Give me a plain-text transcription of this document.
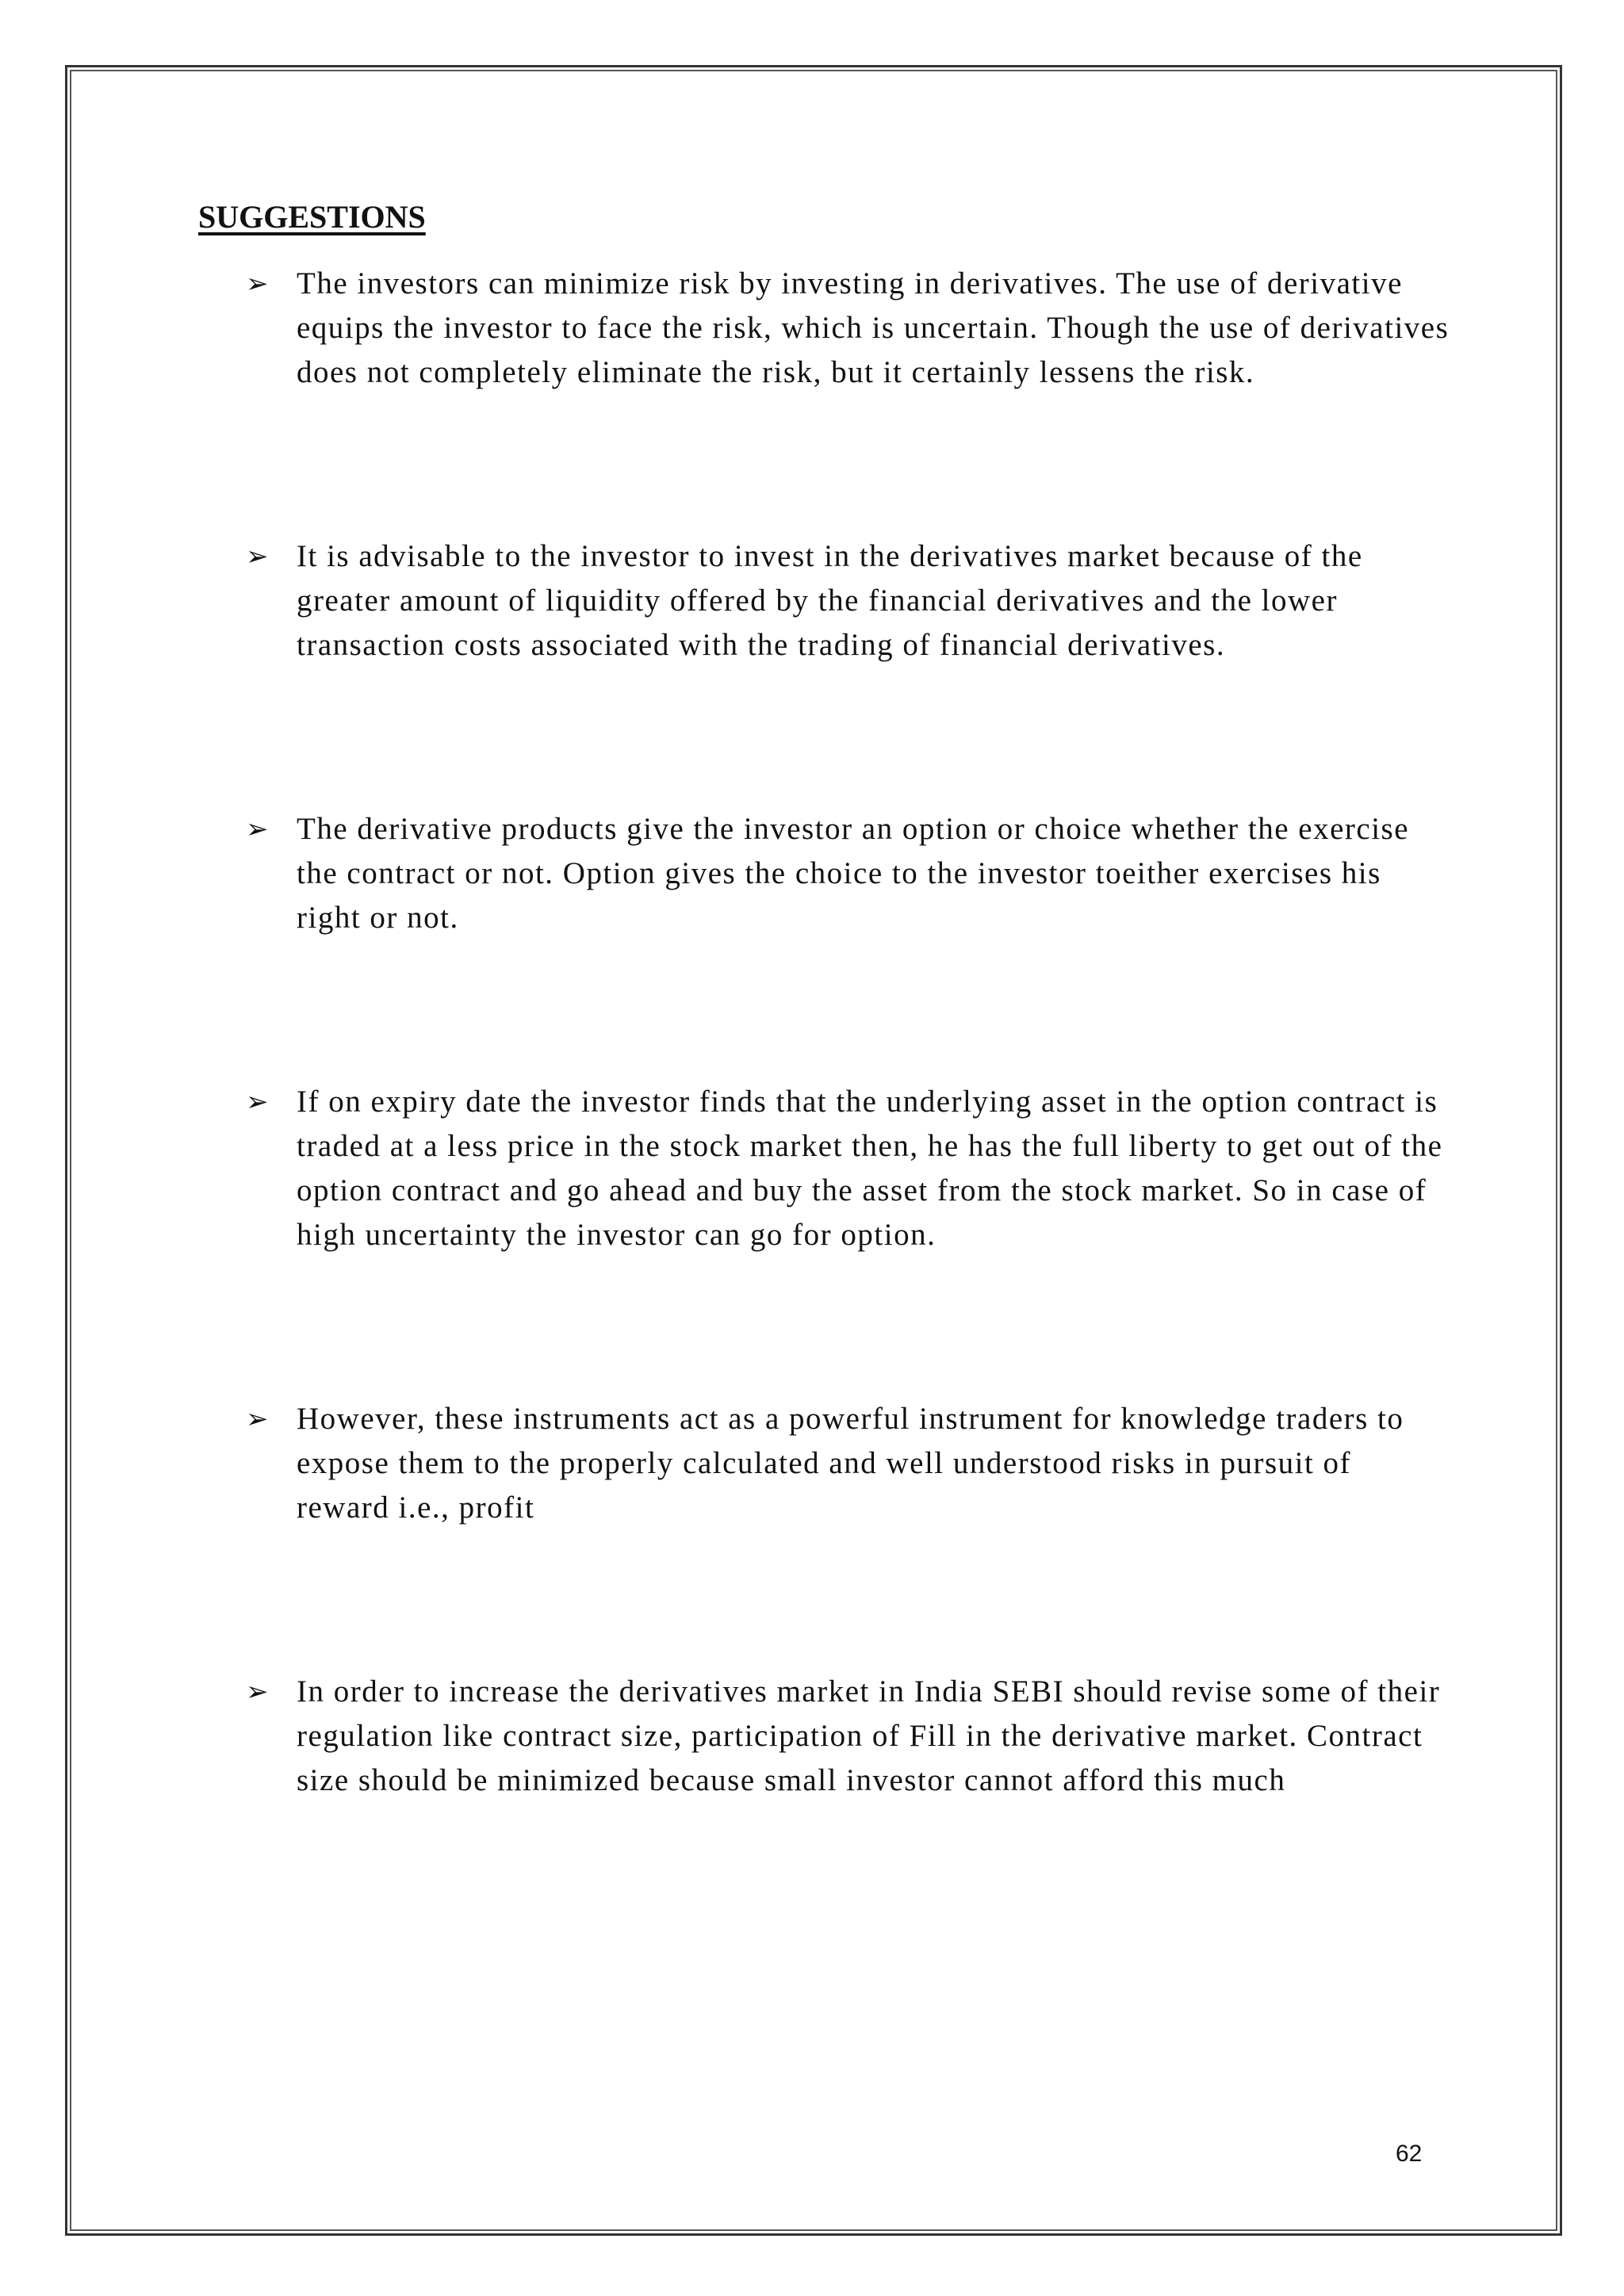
SUGGESTIONS
➢ The investors can minimize risk by investing in derivatives. The use of derivative equips the investor to face the risk, which is uncertain. Though the use of derivatives does not completely eliminate the risk, but it certainly lessens the risk.
➢ It is advisable to the investor to invest in the derivatives market because of the greater amount of liquidity offered by the financial derivatives and the lower transaction costs associated with the trading of financial derivatives.
➢ The derivative products give the investor an option or choice whether the exercise the contract or not. Option gives the choice to the investor toeither exercises his right or not.
➢ If on expiry date the investor finds that the underlying asset in the option contract is traded at a less price in the stock market then, he has the full liberty to get out of the option contract and go ahead and buy the asset from the stock market. So in case of high uncertainty the investor can go for option.
➢ However, these instruments act as a powerful instrument for knowledge traders to expose them to the properly calculated and well understood risks in pursuit of reward i.e., profit
➢ In order to increase the derivatives market in India SEBI should revise some of their regulation like contract size, participation of Fill in the derivative market. Contract size should be minimized because small investor cannot afford this much
62
